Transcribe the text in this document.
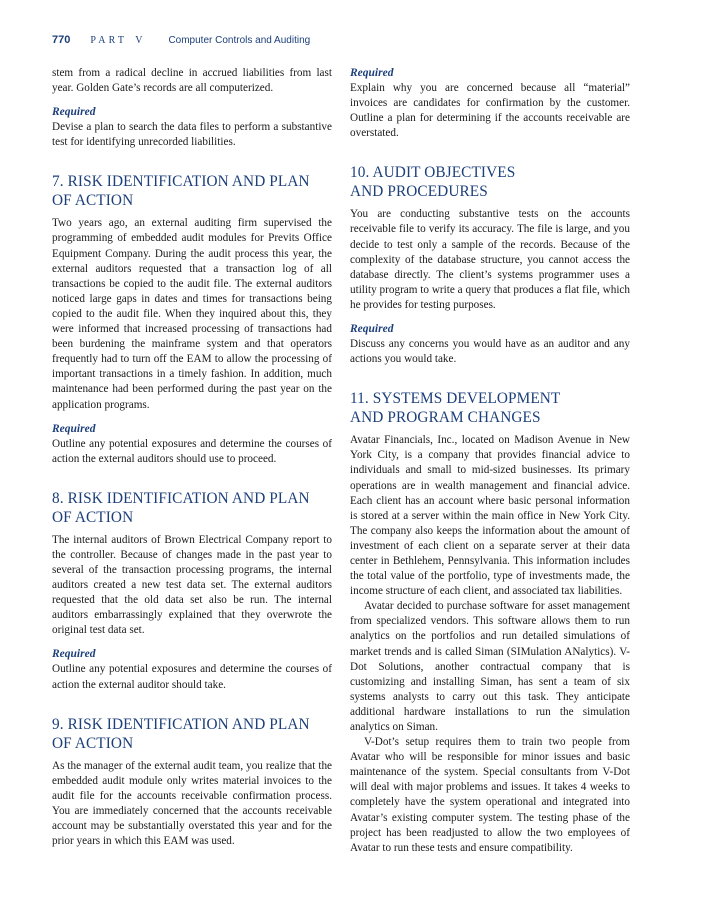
770 PART V	Computer Controls and Auditing

stem from a radical decline in accrued liabilities from last year. Golden Gate’s records are all computerized.

Required

Devise a plan to search the data files to perform a substantive test for identifying unrecorded liabilities.

7. RISK IDENTIFICATION AND PLAN
OF ACTION

Two years ago, an external auditing firm supervised the programming of embedded audit modules for Previts Office Equipment Company. During the audit process this year, the external auditors requested that a transaction log of all transactions be copied to the audit file. The external auditors noticed large gaps in dates and times for transactions being copied to the audit file. When they inquired about this, they were informed that increased processing of transactions had been burdening the mainframe system and that operators frequently had to turn off the EAM to allow the processing of important transactions in a timely fashion. In addition, much maintenance had been performed during the past year on the application programs.

Required

Outline any potential exposures and determine the courses of action the external auditors should use to proceed.

8. RISK IDENTIFICATION AND PLAN
OF ACTION

The internal auditors of Brown Electrical Company report to the controller. Because of changes made in the past year to several of the transaction processing programs, the internal auditors created a new test data set. The external auditors requested that the old data set also be run. The internal auditors embarrassingly explained that they overwrote the original test data set.

Required

Outline any potential exposures and determine the courses of action the external auditor should take.

9. RISK IDENTIFICATION AND PLAN
OF ACTION

As the manager of the external audit team, you realize that the embedded audit module only writes material invoices to the audit file for the accounts receivable confirmation process. You are immediately concerned that the accounts receivable account may be substantially overstated this year and for the prior years in which this EAM was used.

Required

Explain why you are concerned because all “material” invoices are candidates for confirmation by the customer. Outline a plan for determining if the accounts receivable are overstated.

10. AUDIT OBJECTIVES
AND PROCEDURES

You are conducting substantive tests on the accounts receivable file to verify its accuracy. The file is large, and you decide to test only a sample of the records. Because of the complexity of the database structure, you cannot access the database directly. The client’s systems programmer uses a utility program to write a query that produces a flat file, which he provides for testing purposes.

Required

Discuss any concerns you would have as an auditor and any actions you would take.

11. SYSTEMS DEVELOPMENT
AND PROGRAM CHANGES

Avatar Financials, Inc., located on Madison Avenue in New York City, is a company that provides financial advice to individuals and small to mid-sized businesses. Its primary operations are in wealth management and financial advice. Each client has an account where basic personal information is stored at a server within the main office in New York City. The company also keeps the information about the amount of investment of each client on a separate server at their data center in Bethlehem, Pennsylvania. This information includes the total value of the portfolio, type of investments made, the income structure of each client, and associated tax liabilities.

Avatar decided to purchase software for asset management from specialized vendors. This software allows them to run analytics on the portfolios and run detailed simulations of market trends and is called Siman (SIMulation ANalytics). V-Dot Solutions, another contractual company that is customizing and installing Siman, has sent a team of six systems analysts to carry out this task. They anticipate additional hardware installations to run the simulation analytics on Siman.

V-Dot’s setup requires them to train two people from Avatar who will be responsible for minor issues and basic maintenance of the system. Special consultants from V-Dot will deal with major problems and issues. It takes 4 weeks to completely have the system operational and integrated into Avatar’s existing computer system. The testing phase of the project has been readjusted to allow the two employees of Avatar to run these tests and ensure compatibility.
